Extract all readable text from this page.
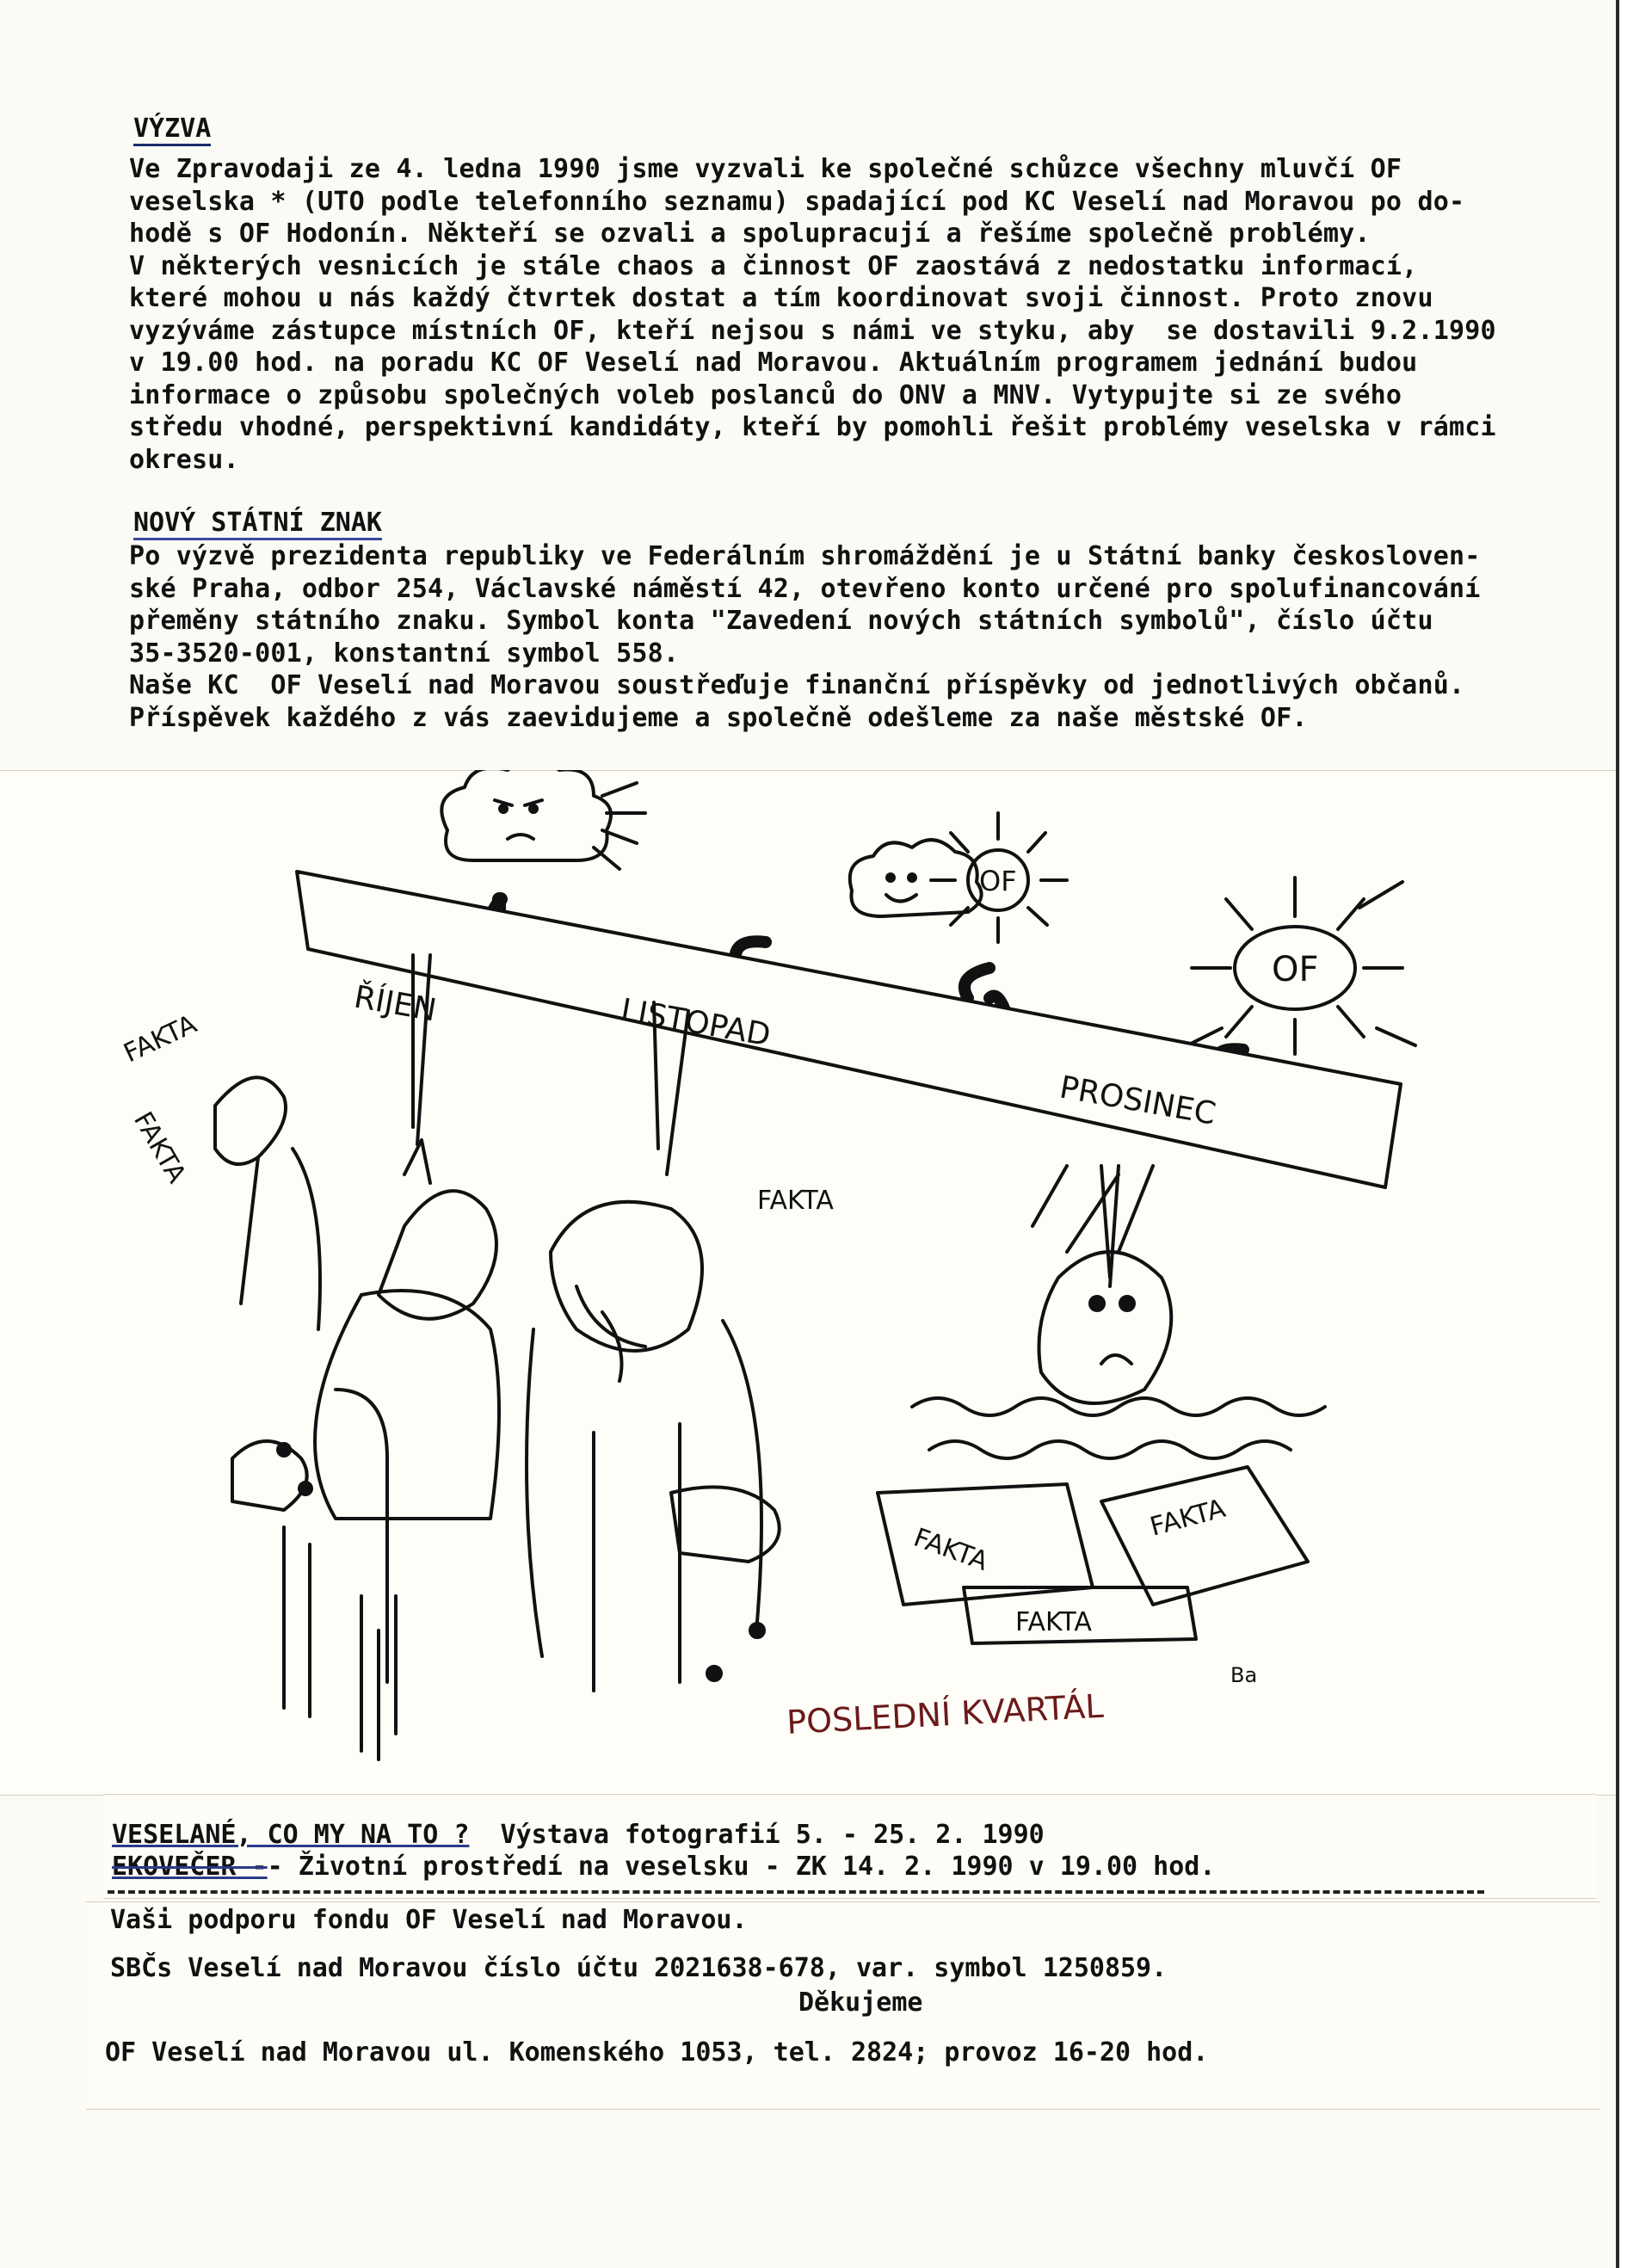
VÝZVA
Ve Zpravodaji ze 4. ledna 1990 jsme vyzvali ke společné schůzce všechny mluvčí OF
veselska * (UTO podle telefonního seznamu) spadající pod KC Veselí nad Moravou po do-
hodě s OF Hodonín. Někteří se ozvali a spolupracují a řešíme společně problémy.
V některých vesnicích je stále chaos a činnost OF zaostává z nedostatku informací,
které mohou u nás každý čtvrtek dostat a tím koordinovat svoji činnost. Proto znovu
vyzýváme zástupce místních OF, kteří nejsou s námi ve styku, aby  se dostavili 9.2.1990
v 19.00 hod. na poradu KC OF Veselí nad Moravou. Aktuálním programem jednání budou
informace o způsobu společných voleb poslanců do ONV a MNV. Vytypujte si ze svého
středu vhodné, perspektivní kandidáty, kteří by pomohli řešit problémy veselska v rámci
okresu.
NOVÝ STÁTNÍ ZNAK
Po výzvě prezidenta republiky ve Federálním shromáždění je u Státní banky českosloven-
ské Praha, odbor 254, Václavské náměstí 42, otevřeno konto určené pro spolufinancování
přeměny státního znaku. Symbol konta "Zavedení nových státních symbolů", číslo účtu
35-3520-001, konstantní symbol 558.
Naše KC  OF Veselí nad Moravou soustřeďuje finanční příspěvky od jednotlivých občanů.
Příspěvek každého z vás zaevidujeme a společně odešleme za naše městské OF.
ŘÍJEN	LISTOPAD
PROSINEC
OF
OF
FAKTA
FAKTA
FAKTA
FAKTA
FAKTA
FAKTA
Ba
POSLEDNÍ KVARTÁL
VESELANÉ, CO MY NA TO ?  Výstava fotografií 5. - 25. 2. 1990
EKOVEČER -- Životní prostředí na veselsku - ZK 14. 2. 1990 v 19.00 hod.
Vaši podporu fondu OF Veselí nad Moravou.
SBČs Veselí nad Moravou číslo účtu 2021638-678, var. symbol 1250859.
Děkujeme
OF Veselí nad Moravou ul. Komenského 1053, tel. 2824; provoz 16-20 hod.
